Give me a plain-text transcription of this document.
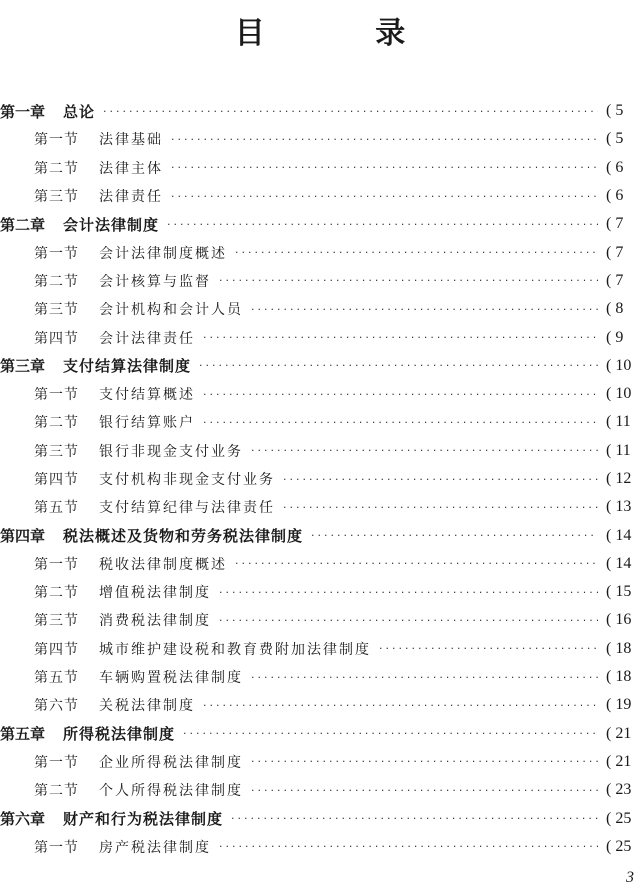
目 录
第一章 总论 ·····	( 5
第一节 法律基础 ·····	( 5
第二节 法律主体 ·····	( 6
第三节 法律责任 ·····	( 6
第二章 会计法律制度 ·····	( 7
第一节 会计法律制度概述 ·····	( 7
第二节 会计核算与监督 ·····	( 7
第三节 会计机构和会计人员 ·····	( 8
第四节 会计法律责任 ·····	( 9
第三章 支付结算法律制度 ·····	( 10
第一节 支付结算概述 ·····	( 10
第二节 银行结算账户 ·····	( 11
第三节 银行非现金支付业务 ·····	( 11
第四节 支付机构非现金支付业务 ·····	( 12
第五节 支付结算纪律与法律责任 ·····	( 13
第四章 税法概述及货物和劳务税法律制度 ·····	( 14
第一节 税收法律制度概述 ·····	( 14
第二节 增值税法律制度 ·····	( 15
第三节 消费税法律制度 ·····	( 16
第四节 城市维护建设税和教育费附加法律制度 ·····	( 18
第五节 车辆购置税法律制度 ·····	( 18
第六节 关税法律制度 ·····	( 19
第五章 所得税法律制度 ·····	( 21
第一节 企业所得税法律制度 ·····	( 21
第二节 个人所得税法律制度 ·····	( 23
第六章 财产和行为税法律制度 ·····	( 25
第一节 房产税法律制度 ·····	( 25
3
